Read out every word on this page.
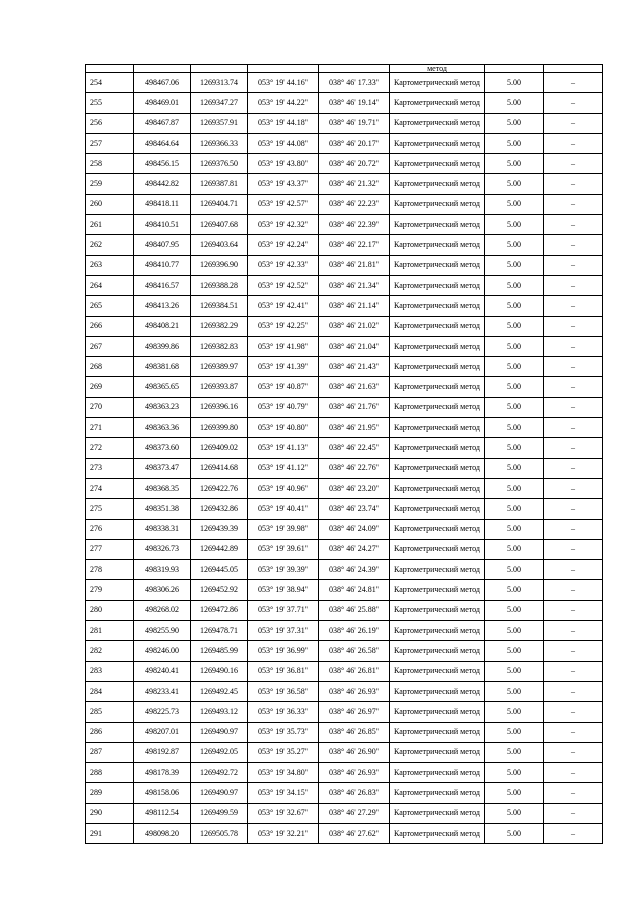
					метод		
254	498467.06	1269313.74	053° 19' 44.16"	038° 46' 17.33"	Картометрический метод	5.00	–
255	498469.01	1269347.27	053° 19' 44.22"	038° 46' 19.14"	Картометрический метод	5.00	–
256	498467.87	1269357.91	053° 19' 44.18"	038° 46' 19.71"	Картометрический метод	5.00	–
257	498464.64	1269366.33	053° 19' 44.08"	038° 46' 20.17"	Картометрический метод	5.00	–
258	498456.15	1269376.50	053° 19' 43.80"	038° 46' 20.72"	Картометрический метод	5.00	–
259	498442.82	1269387.81	053° 19' 43.37"	038° 46' 21.32"	Картометрический метод	5.00	–
260	498418.11	1269404.71	053° 19' 42.57"	038° 46' 22.23"	Картометрический метод	5.00	–
261	498410.51	1269407.68	053° 19' 42.32"	038° 46' 22.39"	Картометрический метод	5.00	–
262	498407.95	1269403.64	053° 19' 42.24"	038° 46' 22.17"	Картометрический метод	5.00	–
263	498410.77	1269396.90	053° 19' 42.33"	038° 46' 21.81"	Картометрический метод	5.00	–
264	498416.57	1269388.28	053° 19' 42.52"	038° 46' 21.34"	Картометрический метод	5.00	–
265	498413.26	1269384.51	053° 19' 42.41"	038° 46' 21.14"	Картометрический метод	5.00	–
266	498408.21	1269382.29	053° 19' 42.25"	038° 46' 21.02"	Картометрический метод	5.00	–
267	498399.86	1269382.83	053° 19' 41.98"	038° 46' 21.04"	Картометрический метод	5.00	–
268	498381.68	1269389.97	053° 19' 41.39"	038° 46' 21.43"	Картометрический метод	5.00	–
269	498365.65	1269393.87	053° 19' 40.87"	038° 46' 21.63"	Картометрический метод	5.00	–
270	498363.23	1269396.16	053° 19' 40.79"	038° 46' 21.76"	Картометрический метод	5.00	–
271	498363.36	1269399.80	053° 19' 40.80"	038° 46' 21.95"	Картометрический метод	5.00	–
272	498373.60	1269409.02	053° 19' 41.13"	038° 46' 22.45"	Картометрический метод	5.00	–
273	498373.47	1269414.68	053° 19' 41.12"	038° 46' 22.76"	Картометрический метод	5.00	–
274	498368.35	1269422.76	053° 19' 40.96"	038° 46' 23.20"	Картометрический метод	5.00	–
275	498351.38	1269432.86	053° 19' 40.41"	038° 46' 23.74"	Картометрический метод	5.00	–
276	498338.31	1269439.39	053° 19' 39.98"	038° 46' 24.09"	Картометрический метод	5.00	–
277	498326.73	1269442.89	053° 19' 39.61"	038° 46' 24.27"	Картометрический метод	5.00	–
278	498319.93	1269445.05	053° 19' 39.39"	038° 46' 24.39"	Картометрический метод	5.00	–
279	498306.26	1269452.92	053° 19' 38.94"	038° 46' 24.81"	Картометрический метод	5.00	–
280	498268.02	1269472.86	053° 19' 37.71"	038° 46' 25.88"	Картометрический метод	5.00	–
281	498255.90	1269478.71	053° 19' 37.31"	038° 46' 26.19"	Картометрический метод	5.00	–
282	498246.00	1269485.99	053° 19' 36.99"	038° 46' 26.58"	Картометрический метод	5.00	–
283	498240.41	1269490.16	053° 19' 36.81"	038° 46' 26.81"	Картометрический метод	5.00	–
284	498233.41	1269492.45	053° 19' 36.58"	038° 46' 26.93"	Картометрический метод	5.00	–
285	498225.73	1269493.12	053° 19' 36.33"	038° 46' 26.97"	Картометрический метод	5.00	–
286	498207.01	1269490.97	053° 19' 35.73"	038° 46' 26.85"	Картометрический метод	5.00	–
287	498192.87	1269492.05	053° 19' 35.27"	038° 46' 26.90"	Картометрический метод	5.00	–
288	498178.39	1269492.72	053° 19' 34.80"	038° 46' 26.93"	Картометрический метод	5.00	–
289	498158.06	1269490.97	053° 19' 34.15"	038° 46' 26.83"	Картометрический метод	5.00	–
290	498112.54	1269499.59	053° 19' 32.67"	038° 46' 27.29"	Картометрический метод	5.00	–
291	498098.20	1269505.78	053° 19' 32.21"	038° 46' 27.62"	Картометрический метод	5.00	–
